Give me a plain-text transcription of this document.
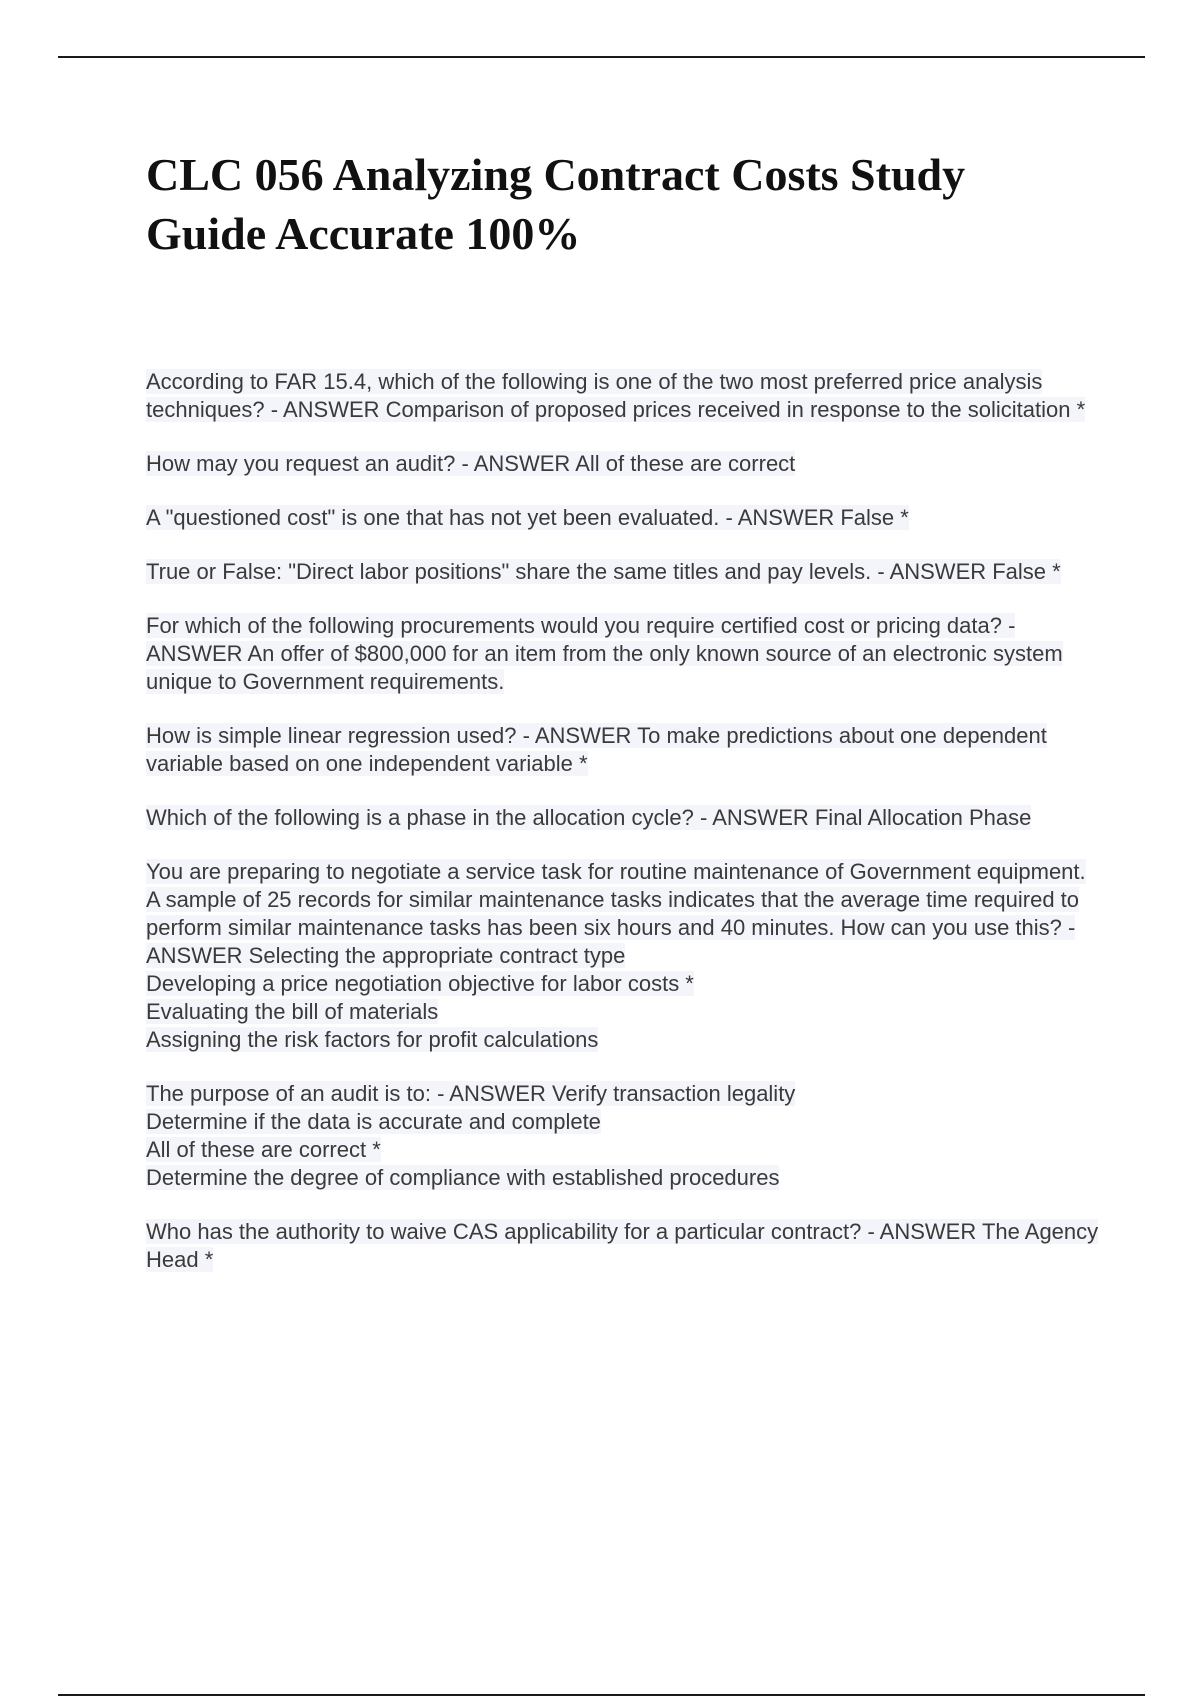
CLC 056 Analyzing Contract Costs Study
Guide Accurate 100%
According to FAR 15.4, which of the following is one of the two most preferred price analysis techniques? - ANSWER Comparison of proposed prices received in response to the solicitation *
How may you request an audit? - ANSWER All of these are correct
A "questioned cost" is one that has not yet been evaluated. - ANSWER False *
True or False: "Direct labor positions" share the same titles and pay levels. - ANSWER False *
For which of the following procurements would you require certified cost or pricing data? - ANSWER An offer of $800,000 for an item from the only known source of an electronic system unique to Government requirements.
How is simple linear regression used? - ANSWER To make predictions about one dependent variable based on one independent variable *
Which of the following is a phase in the allocation cycle? - ANSWER Final Allocation Phase
You are preparing to negotiate a service task for routine maintenance of Government equipment. A sample of 25 records for similar maintenance tasks indicates that the average time required to perform similar maintenance tasks has been six hours and 40 minutes. How can you use this? - ANSWER Selecting the appropriate contract type
Developing a price negotiation objective for labor costs *
Evaluating the bill of materials
Assigning the risk factors for profit calculations
The purpose of an audit is to: - ANSWER Verify transaction legality
Determine if the data is accurate and complete
All of these are correct *
Determine the degree of compliance with established procedures
Who has the authority to waive CAS applicability for a particular contract? - ANSWER The Agency Head *
